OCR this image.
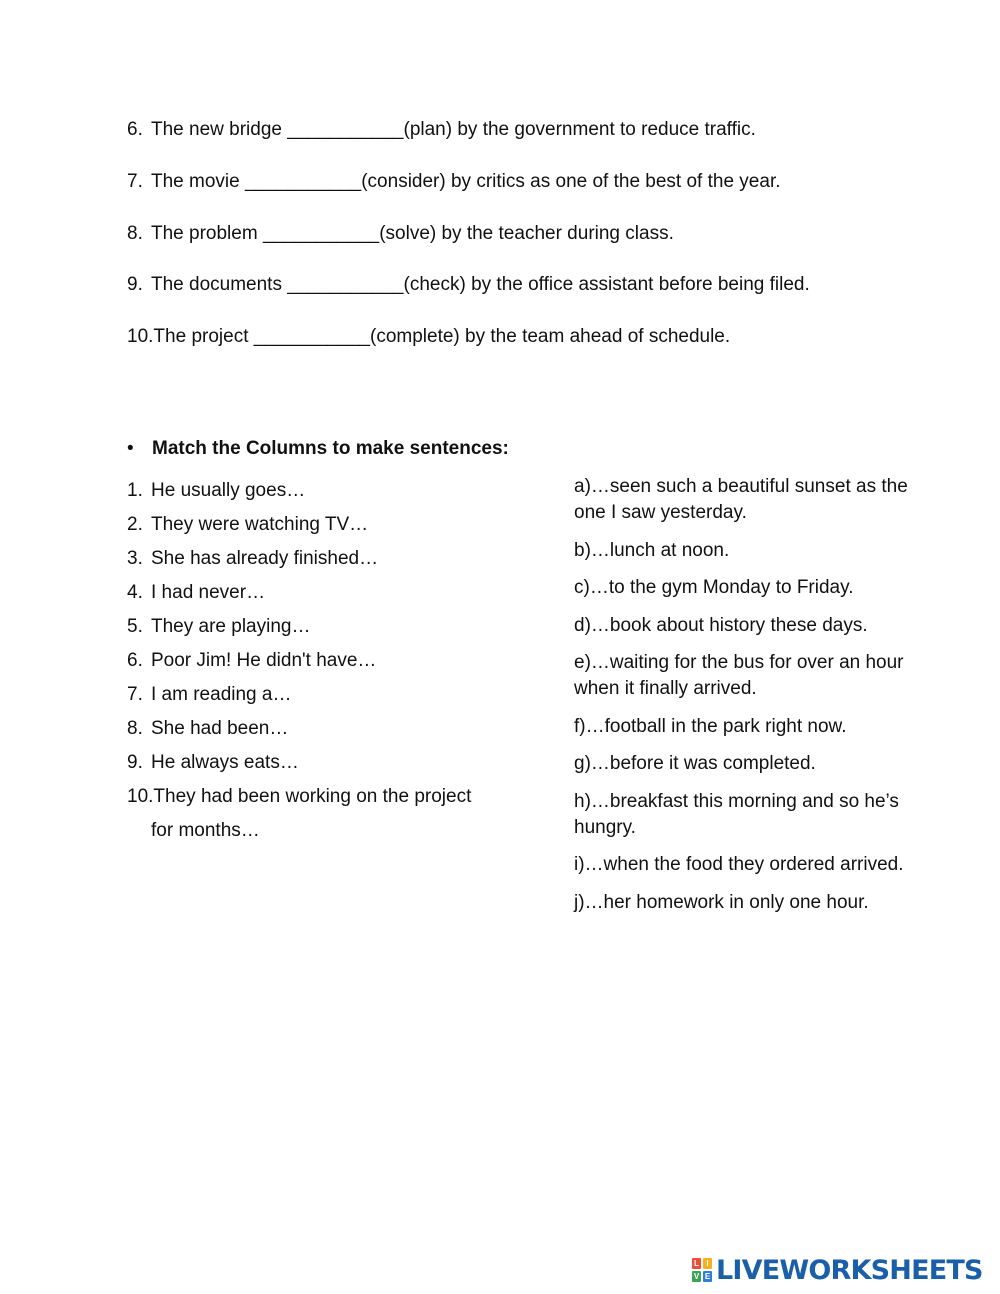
6. The new bridge ___________(plan) by the government to reduce traffic.
7. The movie ___________(consider) by critics as one of the best of the year.
8. The problem ___________(solve) by the teacher during class.
9. The documents ___________(check) by the office assistant before being filed.
10.The project ___________(complete) by the team ahead of schedule.
• Match the Columns to make sentences:
1. He usually goes…
2. They were watching TV…
3. She has already finished…
4. I had never…
5. They are playing…
6. Poor Jim! He didn't have…
7. I am reading a…
8. She had been…
9. He always eats…
10.They had been working on the project
for months…
a)…seen such a beautiful sunset as the one I saw yesterday.
b)…lunch at noon.
c)…to the gym Monday to Friday.
d)…book about history these days.
e)…waiting for the bus for over an hour when it finally arrived.
f)…football in the park right now.
g)…before it was completed.
h)…breakfast this morning and so he’s hungry.
i)…when the food they ordered arrived.
j)…her homework in only one hour.
L I
V E LIVEWORKSHEETS
